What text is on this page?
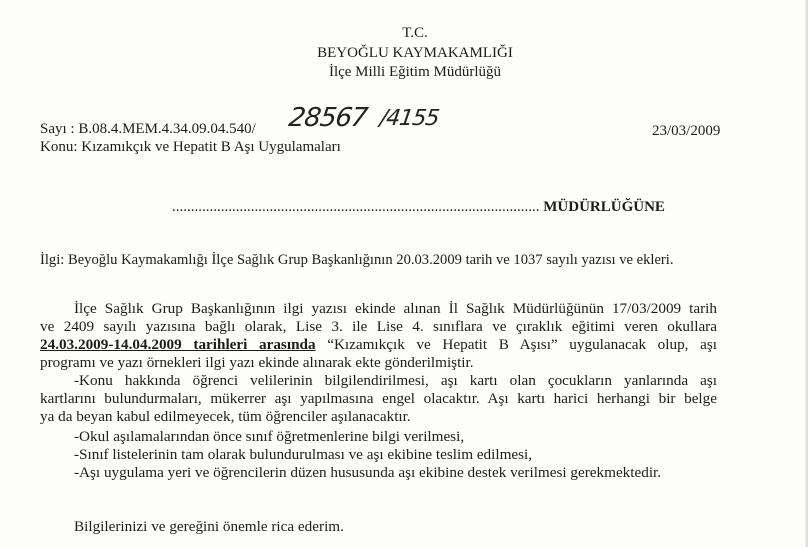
T.C.
BEYOĞLU KAYMAKAMLIĞI
İlçe Milli Eğitim Müdürlüğü
Sayı : B.08.4.MEM.4.34.09.04.540/ 28567 /4155	23/03/2009
Konu: Kızamıkçık ve Hepatit B Aşı Uygulamaları
.................................................................................................. MÜDÜRLÜĞÜNE
İlgi: Beyoğlu Kaymakamlığı İlçe Sağlık Grup Başkanlığının 20.03.2009 tarih ve 1037 sayılı yazısı ve ekleri.
İlçe Sağlık Grup Başkanlığının ilgi yazısı ekinde alınan İl Sağlık Müdürlüğünün 17/03/2009 tarih
ve 2409 sayılı yazısına bağlı olarak, Lise 3. ile Lise 4. sınıflara ve çıraklık eğitimi veren okullara
24.03.2009-14.04.2009 tarihleri arasında “Kızamıkçık ve Hepatit B Aşısı” uygulanacak olup, aşı
programı ve yazı örnekleri ilgi yazı ekinde alınarak ekte gönderilmiştir.
-Konu hakkında öğrenci velilerinin bilgilendirilmesi, aşı kartı olan çocukların yanlarında aşı
kartlarını bulundurmaları, mükerrer aşı yapılmasına engel olacaktır. Aşı kartı harici herhangi bir belge
ya da beyan kabul edilmeyecek, tüm öğrenciler aşılanacaktır.
-Okul aşılamalarından önce sınıf öğretmenlerine bilgi verilmesi,
-Sınıf listelerinin tam olarak bulundurulması ve aşı ekibine teslim edilmesi,
-Aşı uygulama yeri ve öğrencilerin düzen hususunda aşı ekibine destek verilmesi gerekmektedir.
Bilgilerinizi ve gereğini önemle rica ederim.
